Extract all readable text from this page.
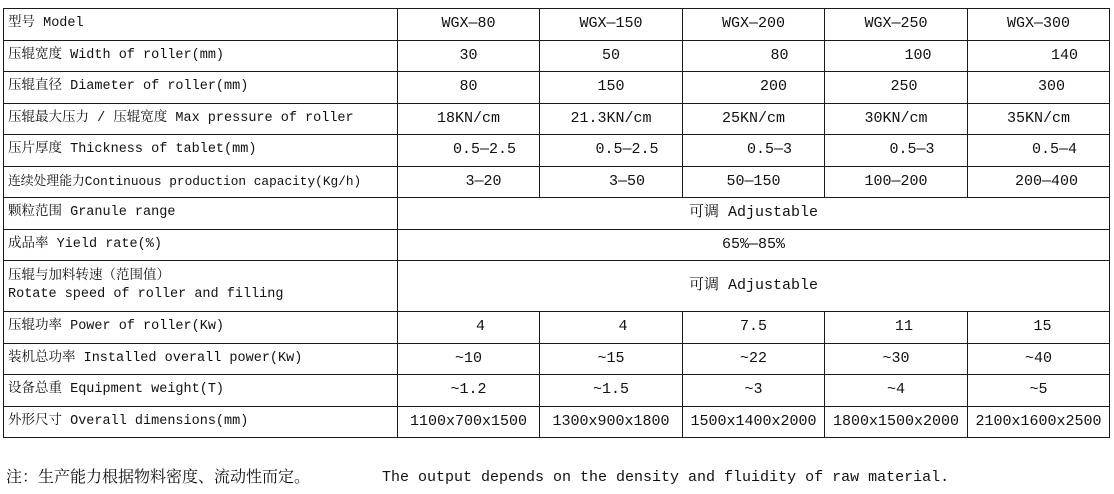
型号 Model	WGX—80	WGX—150	WGX—200	WGX—250	WGX—300
压辊宽度 Width of roller(mm)	30	50	80	100	140
压辊直径 Diameter of roller(mm)	80	150	200	250	300
压辊最大压力 / 压辊宽度 Max pressure of roller	18KN/cm	21.3KN/cm	25KN/cm	30KN/cm	35KN/cm
压片厚度 Thickness of tablet(mm)	0.5—2.5	0.5—2.5	0.5—3	0.5—3	0.5—4
连续处理能力Continuous production capacity(Kg/h)	3—20	3—50	50—150	100—200	200—400
颗粒范围 Granule range	可调 Adjustable				
成品率 Yield rate(%)	65%—85%				

压辊与加料转速（范围值）
Rotate speed of roller and filling	可调 Adjustable				
压辊功率 Power of roller(Kw)	4	4	7.5	11	15
装机总功率 Installed overall power(Kw)	~10	~15	~22	~30	~40
设备总重 Equipment weight(T)	~1.2	~1.5	~3	~4	~5
外形尺寸 Overall dimensions(mm)	1100x700x1500	1300x900x1800	1500x1400x2000	1800x1500x2000	2100x1600x2500
注：生产能力根据物料密度、流动性而定。	The output depends on the density and fluidity of raw material.
